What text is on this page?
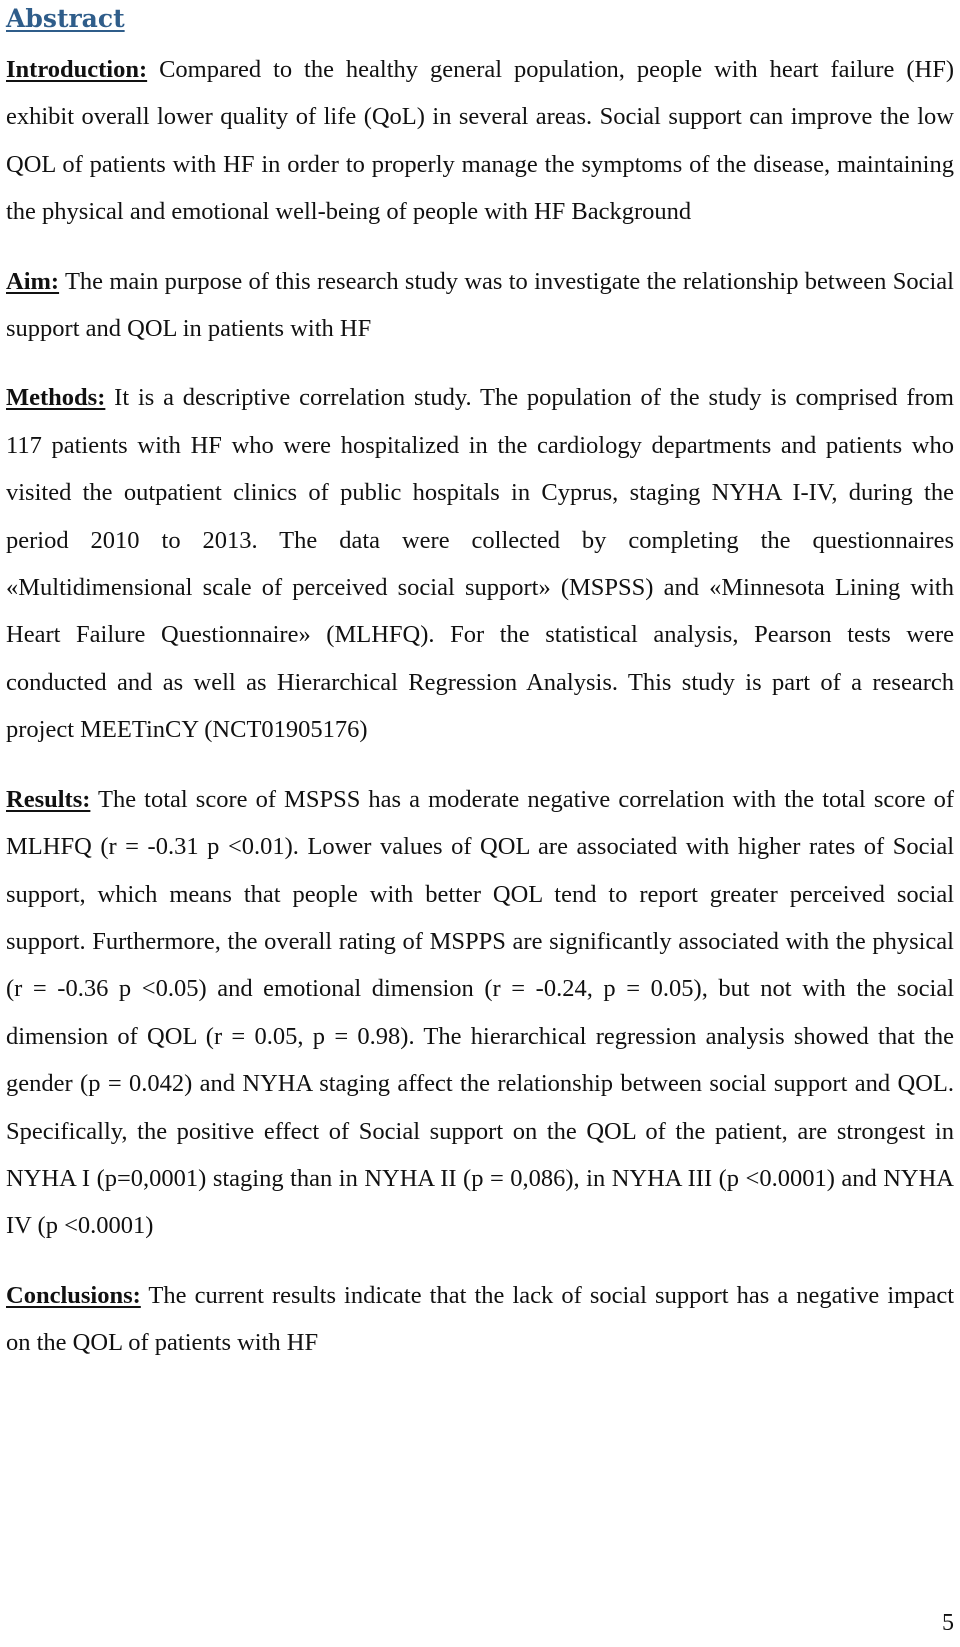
Abstract

Introduction: Compared to the healthy general population, people with heart failure (HF) exhibit overall lower quality of life (QoL) in several areas. Social support can improve the low QOL of patients with HF in order to properly manage the symptoms of the disease, maintaining the physical and emotional well-being of people with HF Background

Aim: The main purpose of this research study was to investigate the relationship between Social support and QOL in patients with HF

Methods: It is a descriptive correlation study. The population of the study is comprised from 117 patients with HF who were hospitalized in the cardiology departments and patients who visited the outpatient clinics of public hospitals in Cyprus, staging NYHA I-IV, during the period 2010 to 2013. The data were collected by completing the questionnaires «Multidimensional scale of perceived social support» (MSPSS) and «Minnesota Lining with Heart Failure Questionnaire» (MLHFQ). For the statistical analysis, Pearson tests were conducted and as well as Hierarchical Regression Analysis. This study is part of a research project MEETinCY (NCT01905176)

Results: The total score of MSPSS has a moderate negative correlation with the total score of MLHFQ (r = -0.31 p <0.01). Lower values of QOL are associated with higher rates of Social support, which means that people with better QOL tend to report greater perceived social support. Furthermore, the overall rating of MSPPS are significantly associated with the physical (r = -0.36 p <0.05) and emotional dimension (r = -0.24, p = 0.05), but not with the social dimension of QOL (r = 0.05, p = 0.98). The hierarchical regression analysis showed that the gender (p = 0.042) and NYHA staging affect the relationship between social support and QOL. Specifically, the positive effect of Social support on the QOL of the patient, are strongest in NYHA I (p=0,0001) staging than in NYHA II (p = 0,086), in NYHA III (p <0.0001) and NYHA IV (p <0.0001)

Conclusions: The current results indicate that the lack of social support has a negative impact on the QOL of patients with HF

5
